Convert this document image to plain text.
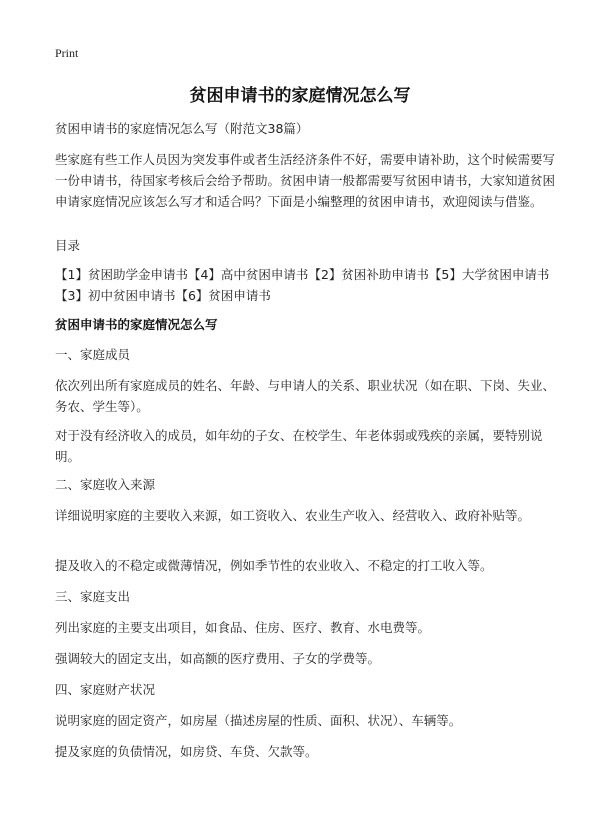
Print
贫困申请书的家庭情况怎么写

贫困申请书的家庭情况怎么写（附范文38篇）

些家庭有些工作人员因为突发事件或者生活经济条件不好，需要申请补助，这个时候需要写一份申请书，待国家考核后会给予帮助。贫困申请一般都需要写贫困申请书，大家知道贫困申请家庭情况应该怎么写才和适合吗？下面是小编整理的贫困申请书，欢迎阅读与借鉴。

目录

【1】贫困助学金申请书【4】高中贫困申请书【2】贫困补助申请书【5】大学贫困申请书【3】初中贫困申请书【6】贫困申请书

贫困申请书的家庭情况怎么写

一、家庭成员

依次列出所有家庭成员的姓名、年龄、与申请人的关系、职业状况（如在职、下岗、失业、务农、学生等）。

对于没有经济收入的成员，如年幼的子女、在校学生、年老体弱或残疾的亲属，要特别说明。

二、家庭收入来源

详细说明家庭的主要收入来源，如工资收入、农业生产收入、经营收入、政府补贴等。

提及收入的不稳定或微薄情况，例如季节性的农业收入、不稳定的打工收入等。

三、家庭支出

列出家庭的主要支出项目，如食品、住房、医疗、教育、水电费等。

强调较大的固定支出，如高额的医疗费用、子女的学费等。

四、家庭财产状况

说明家庭的固定资产，如房屋（描述房屋的性质、面积、状况）、车辆等。

提及家庭的负债情况，如房贷、车贷、欠款等。
